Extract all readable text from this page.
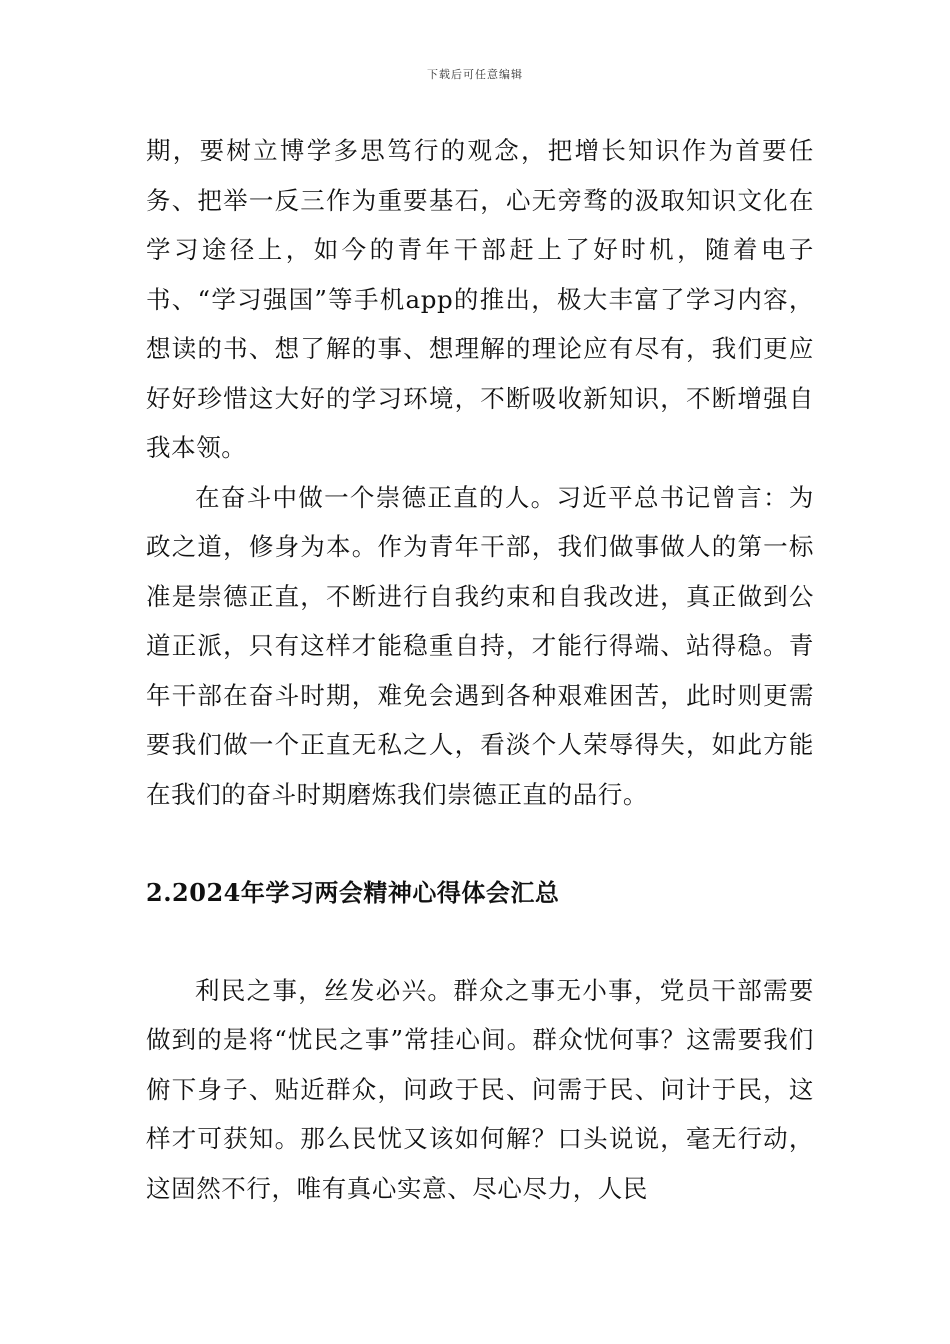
下载后可任意编辑

期，要树立博学多思笃行的观念，把增长知识作为首要任务、把举一反三作为重要基石，心无旁骛的汲取知识文化在学习途径上，如今的青年干部赶上了好时机，随着电子书、“学习强国”等手机app的推出，极大丰富了学习内容，想读的书、想了解的事、想理解的理论应有尽有，我们更应好好珍惜这大好的学习环境，不断吸收新知识，不断增强自我本领。

在奋斗中做一个崇德正直的人。习近平总书记曾言：为政之道，修身为本。作为青年干部，我们做事做人的第一标准是崇德正直，不断进行自我约束和自我改进，真正做到公道正派，只有这样才能稳重自持，才能行得端、站得稳。青年干部在奋斗时期，难免会遇到各种艰难困苦，此时则更需要我们做一个正直无私之人，看淡个人荣辱得失，如此方能在我们的奋斗时期磨炼我们崇德正直的品行。

2.2024年学习两会精神心得体会汇总

利民之事，丝发必兴。群众之事无小事，党员干部需要做到的是将“忧民之事”常挂心间。群众忧何事？这需要我们俯下身子、贴近群众，问政于民、问需于民、问计于民，这样才可获知。那么民忧又该如何解？口头说说，毫无行动，这固然不行，唯有真心实意、尽心尽力，人民
